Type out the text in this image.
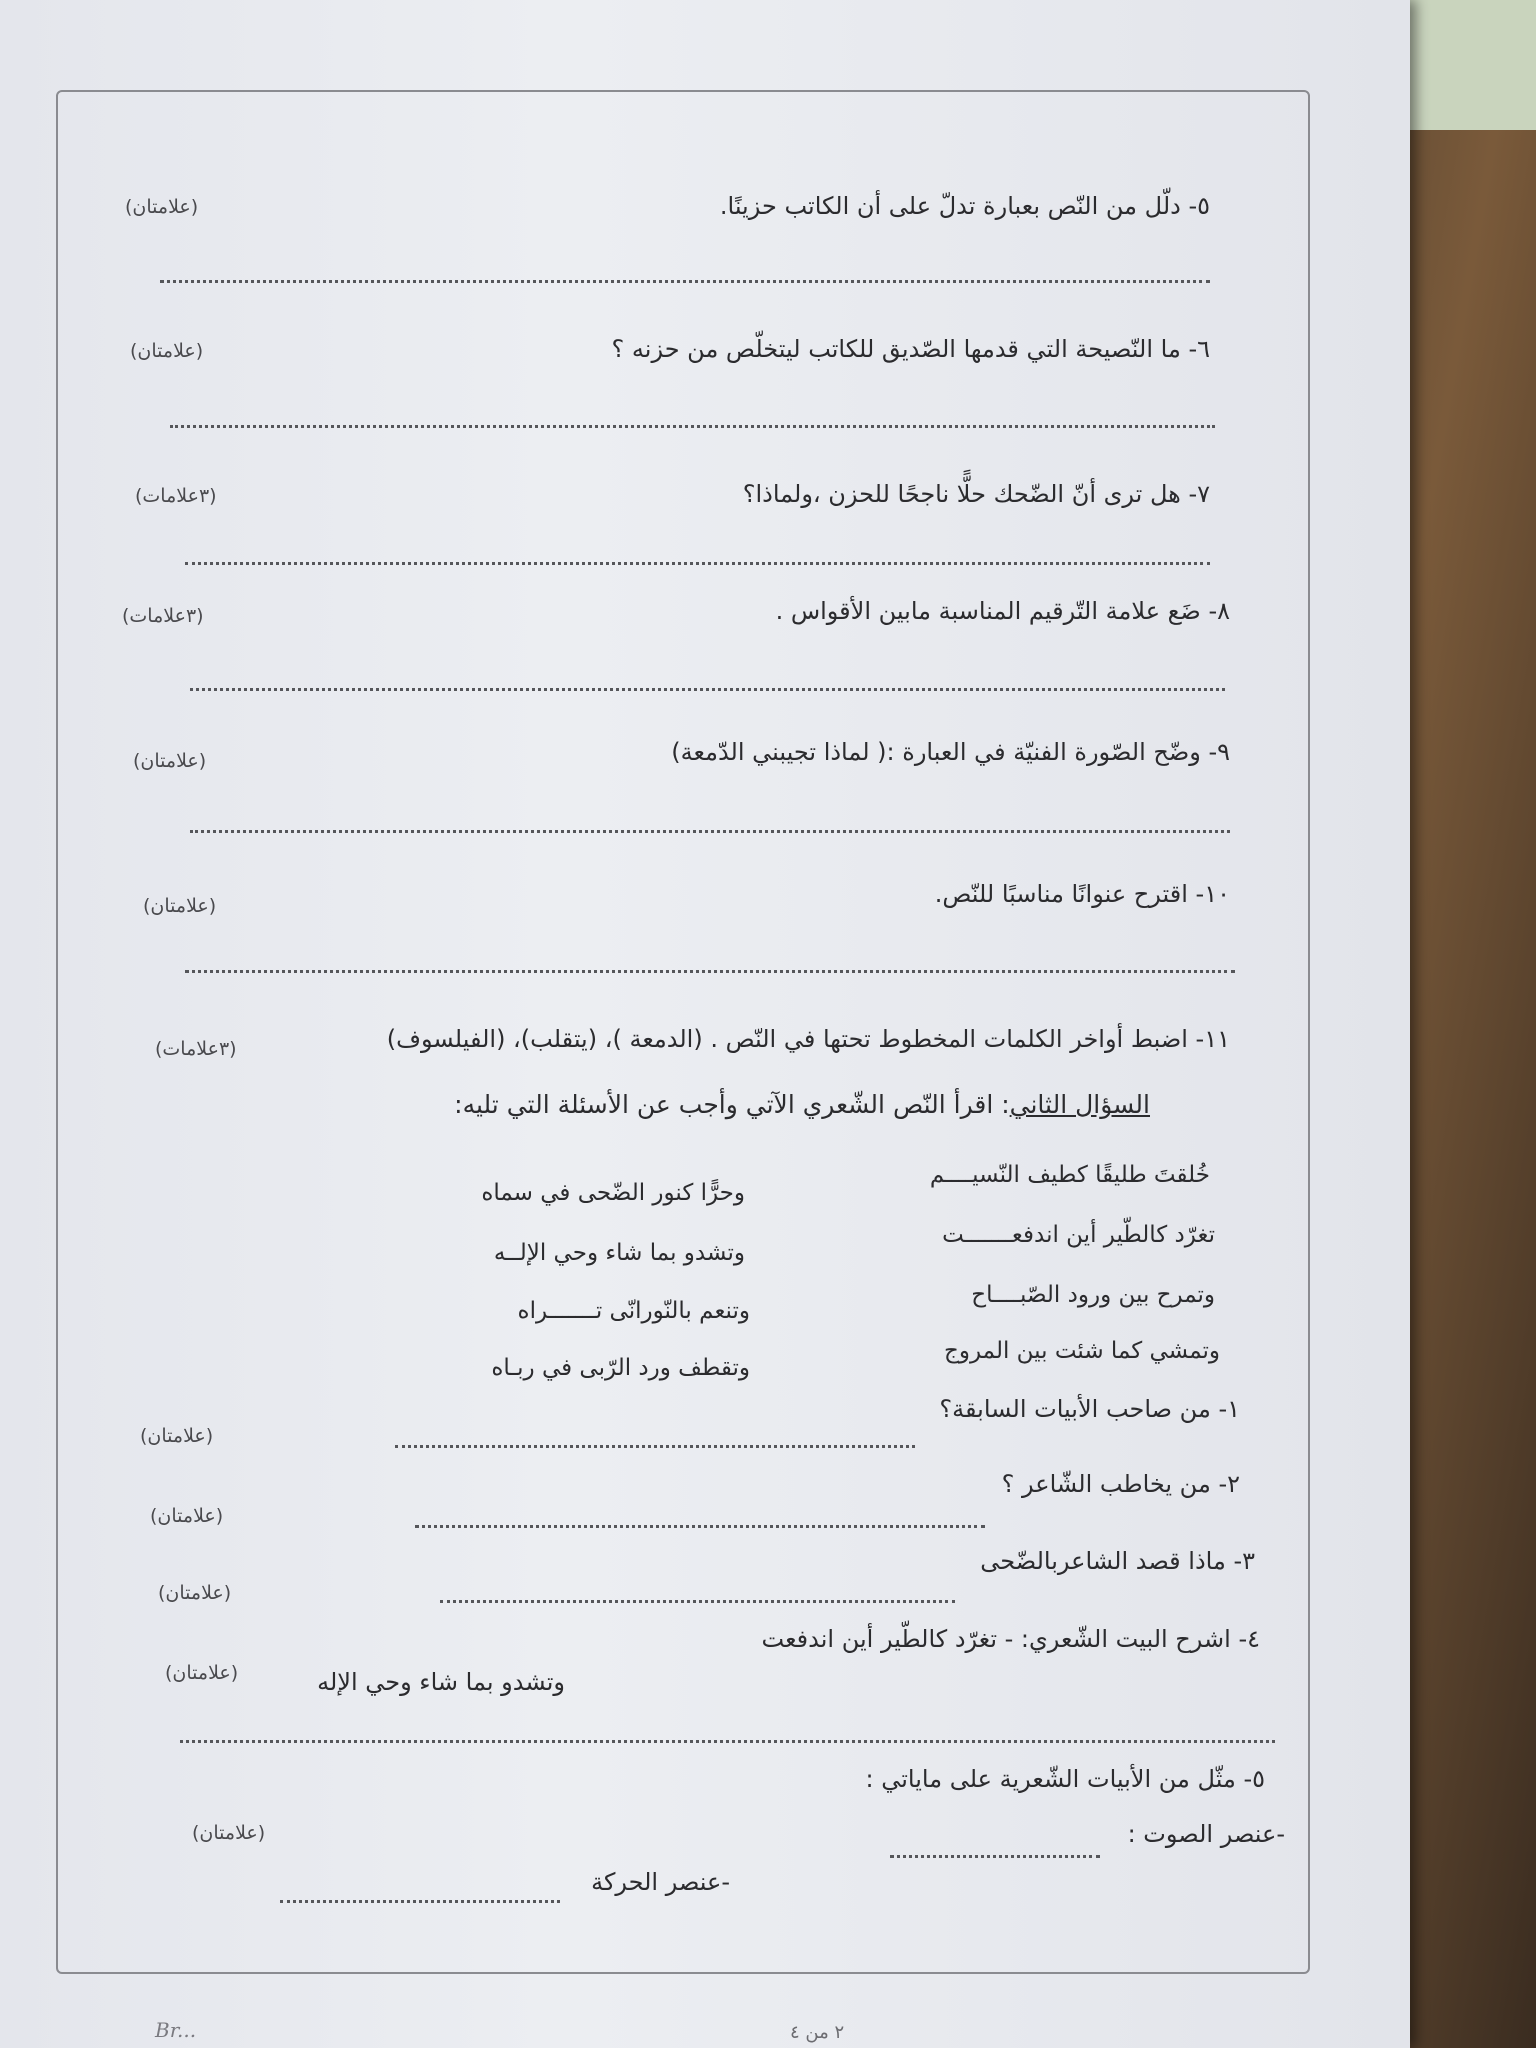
٥- دلّل من النّص بعبارة تدلّ على أن الكاتب حزينًا.
(علامتان)
٦- ما النّصيحة التي قدمها الصّديق للكاتب ليتخلّص من حزنه ؟
(علامتان)
٧- هل ترى أنّ الضّحك حلًّا ناجحًا للحزن ،ولماذا؟
(٣علامات)
٨- ضَع علامة التّرقيم المناسبة مابين الأقواس .
(٣علامات)
٩- وضّح الصّورة الفنيّة في العبارة :( لماذا تجيبني الدّمعة)
(علامتان)
١٠- اقترح عنوانًا مناسبًا للنّص.
(علامتان)
١١- اضبط أواخر الكلمات المخطوط تحتها في النّص . (الدمعة )، (يتقلب)، (الفيلسوف)
(٣علامات)
السؤال الثاني: اقرأ النّص الشّعري الآتي وأجب عن الأسئلة التي تليه:
خُلقتَ طليقًا كطيف النّسيــــم
وحرًّا كنور الضّحى في سماه
تغرّد كالطّير أين اندفعـــــــت
وتشدو بما شاء وحي الإلــه
وتمرح بين ورود الصّبــــاح
وتنعم بالنّورانّى تـــــــراه
وتمشي كما شئت بين المروج
وتقطف ورد الرّبى في ربـاه
١- من صاحب الأبيات السابقة؟
(علامتان)
٢- من يخاطب الشّاعر ؟
(علامتان)
٣- ماذا قصد الشاعربالضّحى
(علامتان)
٤- اشرح البيت الشّعري: - تغرّد كالطّير أين اندفعت
وتشدو بما شاء وحي الإله
(علامتان)
٥- مثّل من الأبيات الشّعرية على ماياتي :
-عنصر الصوت :
(علامتان)
-عنصر الحركة
Br...	٢ من ٤
